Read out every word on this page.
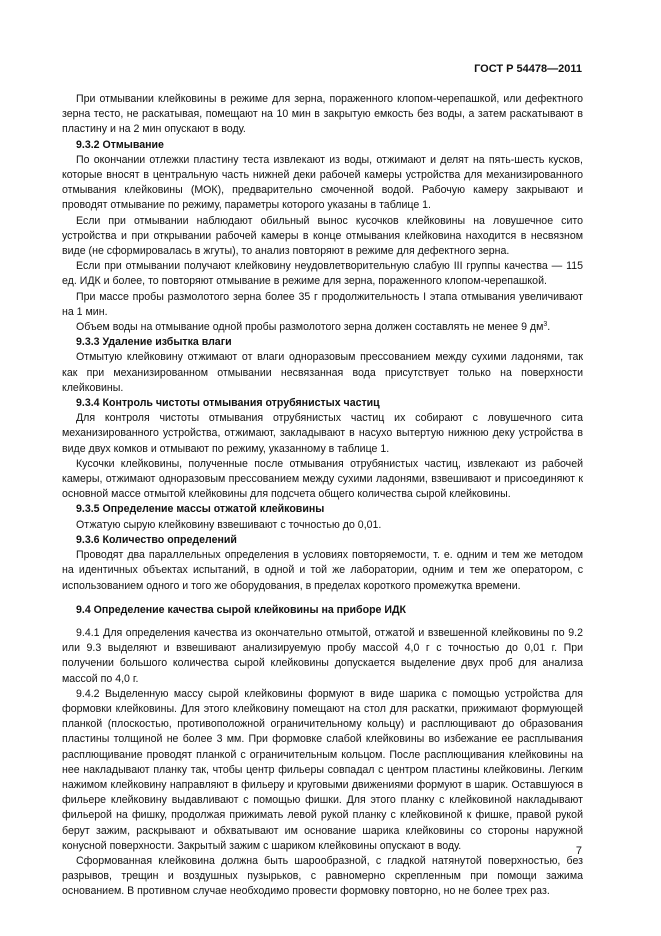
ГОСТ Р 54478—2011

При отмывании клейковины в режиме для зерна, пораженного клопом-черепашкой, или дефектного зерна тесто, не раскатывая, помещают на 10 мин в закрытую емкость без воды, а затем раскатывают в пластину и на 2 мин опускают в воду.

9.3.2 Отмывание

По окончании отлежки пластину теста извлекают из воды, отжимают и делят на пять-шесть кусков, которые вносят в центральную часть нижней деки рабочей камеры устройства для механизированного отмывания клейковины (МОК), предварительно смоченной водой. Рабочую камеру закрывают и проводят отмывание по режиму, параметры которого указаны в таблице 1.

Если при отмывании наблюдают обильный вынос кусочков клейковины на ловушечное сито устройства и при открывании рабочей камеры в конце отмывания клейковина находится в несвязном виде (не сформировалась в жгуты), то анализ повторяют в режиме для дефектного зерна.

Если при отмывании получают клейковину неудовлетворительную слабую III группы качества — 115 ед. ИДК и более, то повторяют отмывание в режиме для зерна, пораженного клопом-черепашкой.

При массе пробы размолотого зерна более 35 г продолжительность I этапа отмывания увеличивают на 1 мин.

Объем воды на отмывание одной пробы размолотого зерна должен составлять не менее 9 $дм^3$.

9.3.3 Удаление избытка влаги

Отмытую клейковину отжимают от влаги одноразовым прессованием между сухими ладонями, так как при механизированном отмывании несвязанная вода присутствует только на поверхности клейковины.

9.3.4 Контроль чистоты отмывания отрубянистых частиц

Для контроля чистоты отмывания отрубянистых частиц их собирают с ловушечного сита механизированного устройства, отжимают, закладывают в насухо вытертую нижнюю деку устройства в виде двух комков и отмывают по режиму, указанному в таблице 1.

Кусочки клейковины, полученные после отмывания отрубянистых частиц, извлекают из рабочей камеры, отжимают одноразовым прессованием между сухими ладонями, взвешивают и присоединяют к основной массе отмытой клейковины для подсчета общего количества сырой клейковины.

9.3.5 Определение массы отжатой клейковины

Отжатую сырую клейковину взвешивают с точностью до 0,01.

9.3.6 Количество определений

Проводят два параллельных определения в условиях повторяемости, т. е. одним и тем же методом на идентичных объектах испытаний, в одной и той же лаборатории, одним и тем же оператором, с использованием одного и того же оборудования, в пределах короткого промежутка времени.

9.4 Определение качества сырой клейковины на приборе ИДК

9.4.1 Для определения качества из окончательно отмытой, отжатой и взвешенной клейковины по 9.2 или 9.3 выделяют и взвешивают анализируемую пробу массой 4,0 г с точностью до 0,01 г. При получении большого количества сырой клейковины допускается выделение двух проб для анализа массой по 4,0 г.

9.4.2 Выделенную массу сырой клейковины формуют в виде шарика с помощью устройства для формовки клейковины. Для этого клейковину помещают на стол для раскатки, прижимают формующей планкой (плоскостью, противоположной ограничительному кольцу) и расплющивают до образования пластины толщиной не более 3 мм. При формовке слабой клейковины во избежание ее расплывания расплющивание проводят планкой с ограничительным кольцом. После расплющивания клейковины на нее накладывают планку так, чтобы центр фильеры совпадал с центром пластины клейковины. Легким нажимом клейковину направляют в фильеру и круговыми движениями формуют в шарик. Оставшуюся в фильере клейковину выдавливают с помощью фишки. Для этого планку с клейковиной накладывают фильерой на фишку, продолжая прижимать левой рукой планку с клейковиной к фишке, правой рукой берут зажим, раскрывают и обхватывают им основание шарика клейковины со стороны наружной конусной поверхности. Закрытый зажим с шариком клейковины опускают в воду.

Сформованная клейковина должна быть шарообразной, с гладкой натянутой поверхностью, без разрывов, трещин и воздушных пузырьков, с равномерно скрепленным при помощи зажима основанием. В противном случае необходимо провести формовку повторно, но не более трех раз.

7
